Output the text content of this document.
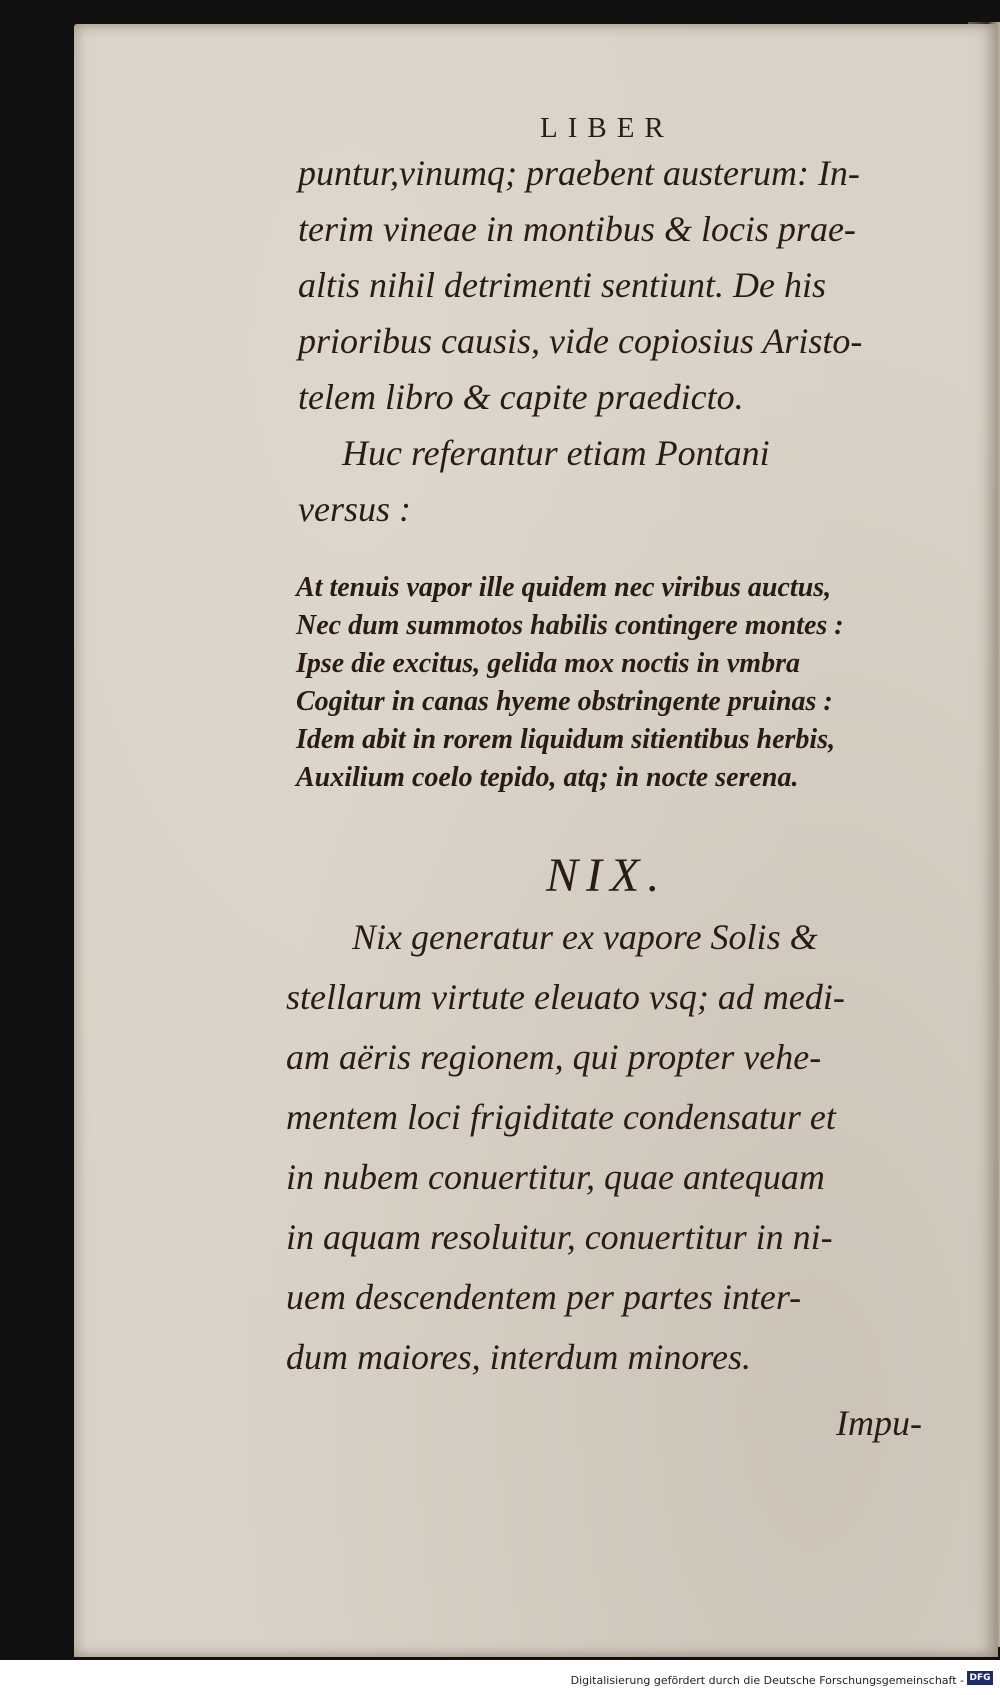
LIBER
puntur,vinumq; praebent austerum: In-
terim vineae in montibus & locis prae-
altis nihil detrimenti sentiunt. De his
prioribus causis, vide copiosius Aristo-
telem libro & capite praedicto.
Huc referantur etiam Pontani
versus :
At tenuis vapor ille quidem nec viribus auctus,
Nec dum summotos habilis contingere montes :
Ipse die excitus, gelida mox noctis in vmbra
Cogitur in canas hyeme obstringente pruinas :
Idem abit in rorem liquidum sitientibus herbis,
Auxilium coelo tepido, atq; in nocte serena.
NIX.
Nix generatur ex vapore Solis &
stellarum virtute eleuato vsq; ad medi-
am aëris regionem, qui propter vehe-
mentem loci frigiditate condensatur et
in nubem conuertitur, quae antequam
in aquam resoluitur, conuertitur in ni-
uem descendentem per partes inter-
dum maiores, interdum minores.
Impu-
Digitalisierung gefördert durch die Deutsche Forschungsgemeinschaft - DFG
